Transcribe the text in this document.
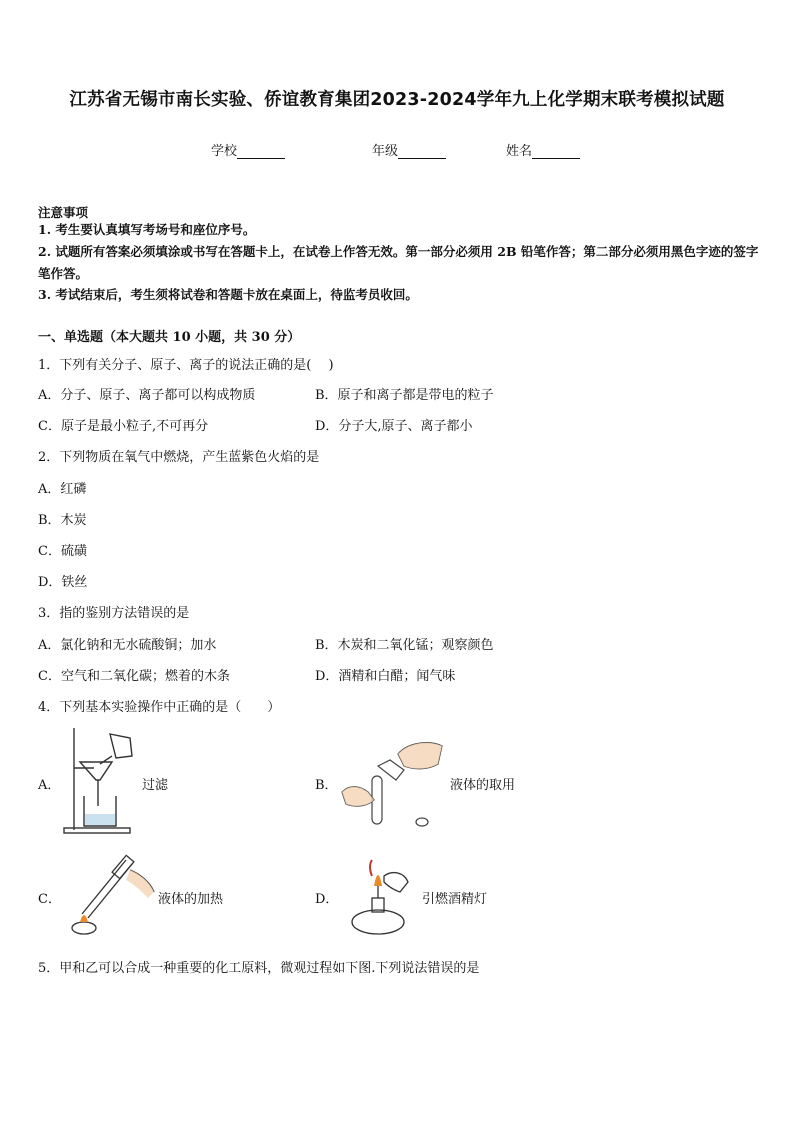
江苏省无锡市南长实验、侨谊教育集团2023-2024学年九上化学期末联考模拟试题
学校	年级	姓名
注意事项
1. 考生要认真填写考场号和座位序号。
2. 试题所有答案必须填涂或书写在答题卡上，在试卷上作答无效。第一部分必须用 2B 铅笔作答；第二部分必须用黑色字迹的签字笔作答。
3. 考试结束后，考生须将试卷和答题卡放在桌面上，待监考员收回。
一、单选题（本大题共 10 小题，共 30 分）
1．下列有关分子、原子、离子的说法正确的是(　 )
A．分子、原子、离子都可以构成物质	B．原子和离子都是带电的粒子
C．原子是最小粒子,不可再分	D．分子大,原子、离子都小
2．下列物质在氧气中燃烧，产生蓝紫色火焰的是
A．红磷
B．木炭
C．硫磺
D．铁丝
3．指的鉴别方法错误的是
A．氯化钠和无水硫酸铜；加水	B．木炭和二氧化锰；观察颜色
C．空气和二氧化碳；燃着的木条	D．酒精和白醋；闻气味
4．下列基本实验操作中正确的是（　　）
A．	过滤	B．	液体的取用
C．	液体的加热	D．	引燃酒精灯
5．甲和乙可以合成一种重要的化工原料，微观过程如下图.下列说法错误的是
